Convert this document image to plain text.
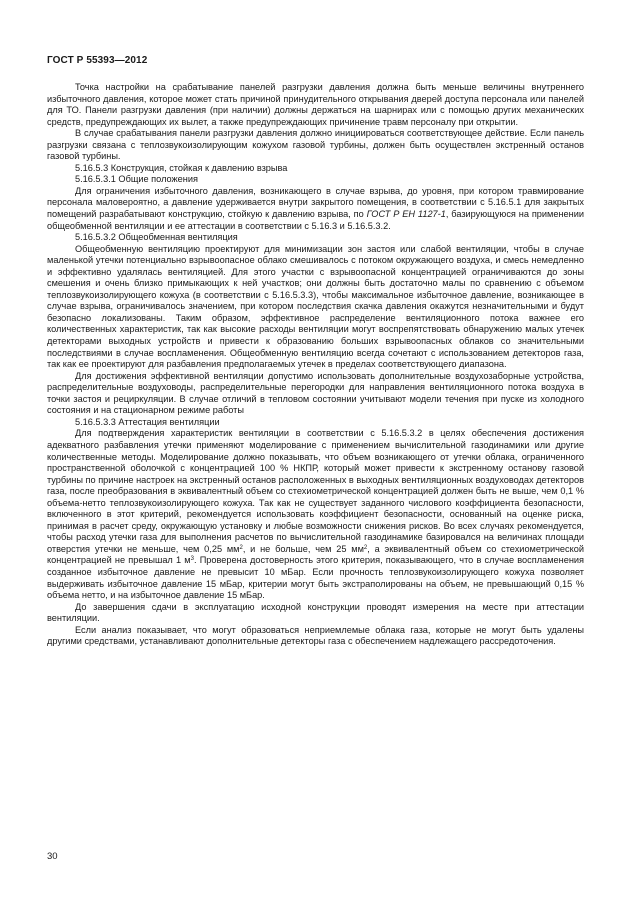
ГОСТ Р 55393—2012

Точка настройки на срабатывание панелей разгрузки давления должна быть меньше величины внутреннего избыточного давления, которое может стать причиной принудительного открывания дверей доступа персонала или панелей для ТО. Панели разгрузки давления (при наличии) должны держаться на шарнирах или с помощью других механических средств, предупреждающих их вылет, а также предупреждающих причинение травм персоналу при открытии.

В случае срабатывания панели разгрузки давления должно инициироваться соответствующее действие. Если панель разгрузки связана с теплозвукоизолирующим кожухом газовой турбины, должен быть осуществлен экстренный останов газовой турбины.

5.16.5.3 Конструкция, стойкая к давлению взрыва

5.16.5.3.1 Общие положения

Для ограничения избыточного давления, возникающего в случае взрыва, до уровня, при котором травмирование персонала маловероятно, а давление удерживается внутри закрытого помещения, в соответствии с 5.16.5.1 для закрытых помещений разрабатывают конструкцию, стойкую к давлению взрыва, по ГОСТ Р ЕН 1127-1, базирующуюся на применении общеобменной вентиляции и ее аттестации в соответствии с 5.16.3 и 5.16.5.3.2.

5.16.5.3.2 Общеобменная вентиляция

Общеобменную вентиляцию проектируют для минимизации зон застоя или слабой вентиляции, чтобы в случае маленькой утечки потенциально взрывоопасное облако смешивалось с потоком окружающего воздуха, и смесь немедленно и эффективно удалялась вентиляцией. Для этого участки с взрывоопасной концентрацией ограничиваются до зоны смешения и очень близко примыкающих к ней участков; они должны быть достаточно малы по сравнению с объемом теплозвукоизолирующего кожуха (в соответствии с 5.16.5.3.3), чтобы максимальное избыточное давление, возникающее в случае взрыва, ограничивалось значением, при котором последствия скачка давления окажутся незначительными и будут безопасно локализованы. Таким образом, эффективное распределение вентиляционного потока важнее его количественных характеристик, так как высокие расходы вентиляции могут воспрепятствовать обнаружению малых утечек детекторами выходных устройств и привести к образованию больших взрывоопасных облаков со значительными последствиями в случае воспламенения. Общеобменную вентиляцию всегда сочетают с использованием детекторов газа, так как ее проектируют для разбавления предполагаемых утечек в пределах соответствующего диапазона.

Для достижения эффективной вентиляции допустимо использовать дополнительные воздухозаборные устройства, распределительные воздуховоды, распределительные перегородки для направления вентиляционного потока воздуха в точки застоя и рециркуляции. В случае отличий в тепловом состоянии учитывают модели течения при пуске из холодного состояния и на стационарном режиме работы

5.16.5.3.3 Аттестация вентиляции

Для подтверждения характеристик вентиляции в соответствии с 5.16.5.3.2 в целях обеспечения достижения адекватного разбавления утечки применяют моделирование с применением вычислительной газодинамики или другие количественные методы. Моделирование должно показывать, что объем возникающего от утечки облака, ограниченного пространственной оболочкой с концентрацией 100 % НКПР, который может привести к экстренному останову газовой турбины по причине настроек на экстренный останов расположенных в выходных вентиляционных воздуховодах детекторов газа, после преобразования в эквивалентный объем со стехиометрической концентрацией должен быть не выше, чем 0,1 % объема-нетто теплозвукоизолирующего кожуха. Так как не существует заданного числового коэффициента безопасности, включенного в этот критерий, рекомендуется использовать коэффициент безопасности, основанный на оценке риска, принимая в расчет среду, окружающую установку и любые возможности снижения рисков. Во всех случаях рекомендуется, чтобы расход утечки газа для выполнения расчетов по вычислительной газодинамике базировался на величинах площади отверстия утечки не меньше, чем 0,25 $мм^2$, и не больше, чем 25 $мм^2$, а эквивалентный объем со стехиометрической концентрацией не превышал 1 $м^3$. Проверена достоверность этого критерия, показывающего, что в случае воспламенения созданное избыточное давление не превысит 10 мБар. Если прочность теплозвукоизолирующего кожуха позволяет выдерживать избыточное давление 15 мБар, критерии могут быть экстраполированы на объем, не превышающий 0,15 % объема нетто, и на избыточное давление 15 мБар.

До завершения сдачи в эксплуатацию исходной конструкции проводят измерения на месте при аттестации вентиляции.

Если анализ показывает, что могут образоваться неприемлемые облака газа, которые не могут быть удалены другими средствами, устанавливают дополнительные детекторы газа с обеспечением надлежащего рассредоточения.

30
